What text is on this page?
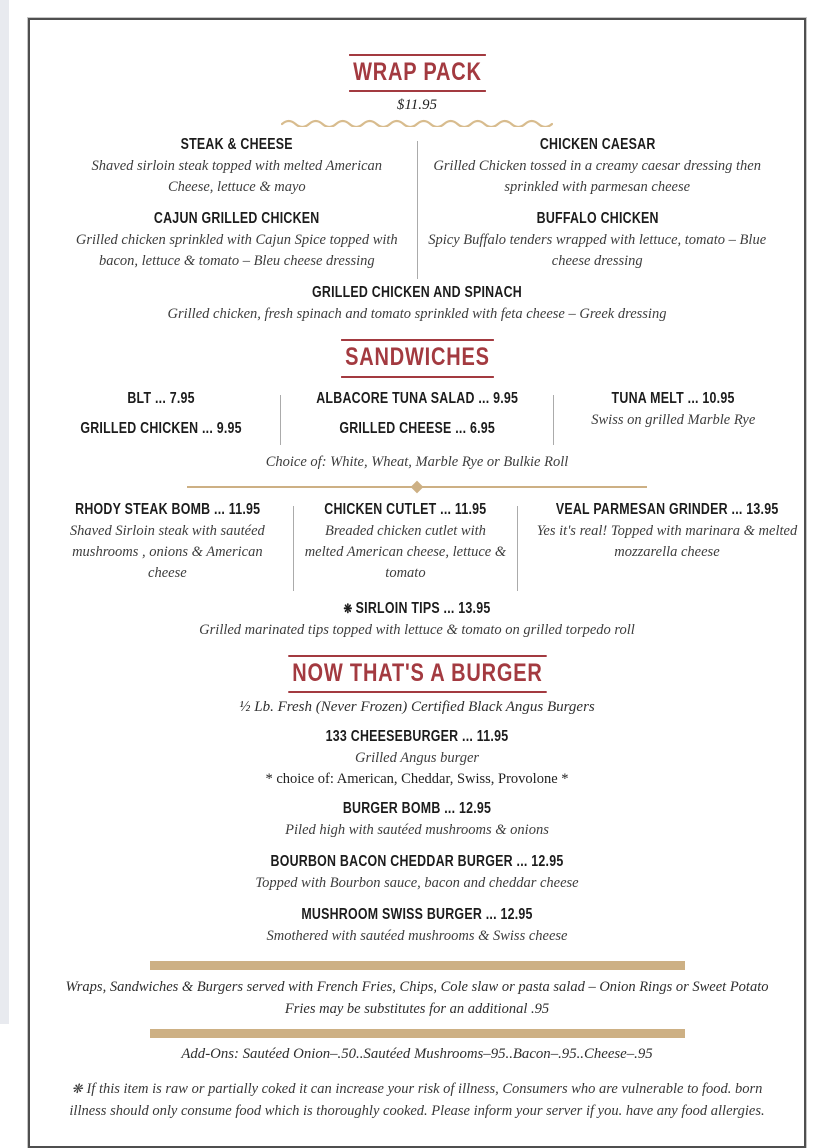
WRAP PACK
$11.95
STEAK & CHEESE
Shaved sirloin steak topped with melted American Cheese, lettuce & mayo
CAJUN GRILLED CHICKEN
Grilled chicken sprinkled with Cajun Spice topped with bacon, lettuce & tomato – Bleu cheese dressing
CHICKEN CAESAR
Grilled Chicken tossed in a creamy caesar dressing then sprinkled with parmesan cheese
BUFFALO CHICKEN
Spicy Buffalo tenders wrapped with lettuce, tomato – Blue cheese dressing
GRILLED CHICKEN AND SPINACH
Grilled chicken, fresh spinach and tomato sprinkled with feta cheese – Greek dressing
SANDWICHES
BLT ... 7.95
GRILLED CHICKEN ... 9.95
ALBACORE TUNA SALAD ... 9.95
GRILLED CHEESE ... 6.95
TUNA MELT ... 10.95
Swiss on grilled Marble Rye
Choice of: White, Wheat, Marble Rye or Bulkie Roll
RHODY STEAK BOMB ... 11.95
Shaved Sirloin steak with sautéed mushrooms , onions & American cheese
CHICKEN CUTLET ... 11.95
Breaded chicken cutlet with melted American cheese, lettuce & tomato
VEAL PARMESAN GRINDER ... 13.95
Yes it's real! Topped with marinara & melted mozzarella cheese
❋ SIRLOIN TIPS ... 13.95
Grilled marinated tips topped with lettuce & tomato on grilled torpedo roll
NOW THAT'S A BURGER
½ Lb. Fresh (Never Frozen) Certified Black Angus Burgers
133 CHEESEBURGER ... 11.95
Grilled Angus burger
* choice of: American, Cheddar, Swiss, Provolone *
BURGER BOMB ... 12.95
Piled high with sautéed mushrooms & onions
BOURBON BACON CHEDDAR BURGER ... 12.95
Topped with Bourbon sauce, bacon and cheddar cheese
MUSHROOM SWISS BURGER ... 12.95
Smothered with sautéed mushrooms & Swiss cheese
Wraps, Sandwiches & Burgers served with French Fries, Chips, Cole slaw or pasta salad – Onion Rings or Sweet Potato Fries may be substitutes for an additional .95
Add-Ons: Sautéed Onion–.50..Sautéed Mushrooms–95..Bacon–.95..Cheese–.95
❋ If this item is raw or partially coked it can increase your risk of illness, Consumers who are vulnerable to food. born illness should only consume food which is thoroughly cooked. Please inform your server if you. have any food allergies.
